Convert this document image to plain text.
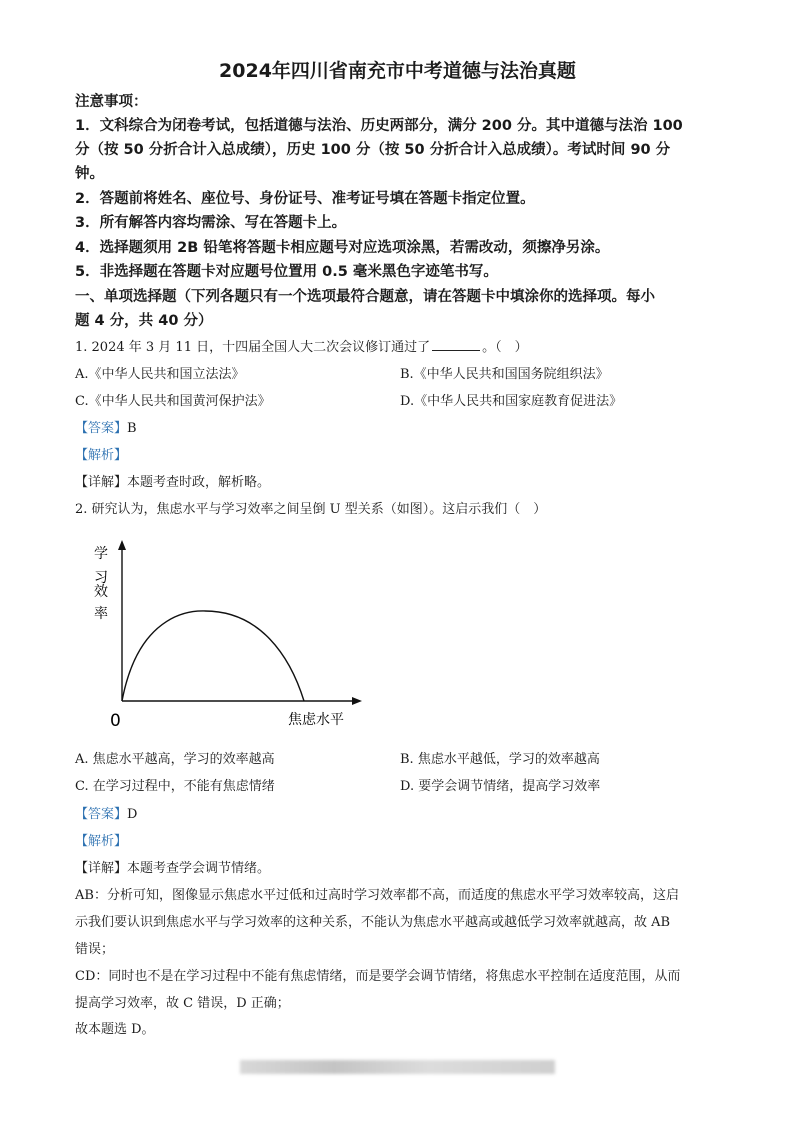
2024年四川省南充市中考道德与法治真题
注意事项：
1．文科综合为闭卷考试，包括道德与法治、历史两部分，满分 200 分。其中道德与法治 100
分（按 50 分折合计入总成绩），历史 100 分（按 50 分折合计入总成绩）。考试时间 90 分
钟。
2．答题前将姓名、座位号、身份证号、准考证号填在答题卡指定位置。
3．所有解答内容均需涂、写在答题卡上。
4．选择题须用 2B 铅笔将答题卡相应题号对应选项涂黑，若需改动，须擦净另涂。
5．非选择题在答题卡对应题号位置用 0.5 毫米黑色字迹笔书写。
一、单项选择题（下列各题只有一个选项最符合题意，请在答题卡中填涂你的选择项。每小
题 4 分，共 40 分）
1. 2024 年 3 月 11 日，十四届全国人大二次会议修订通过了	。（　）
A.《中华人民共和国立法法》	B.《中华人民共和国国务院组织法》
C.《中华人民共和国黄河保护法》	D.《中华人民共和国家庭教育促进法》
【答案】B
【解析】
【详解】本题考查时政，解析略。
2. 研究认为，焦虑水平与学习效率之间呈倒 U 型关系（如图）。这启示我们（　）
学
习
效
率
0	焦虑水平
A. 焦虑水平越高，学习的效率越高	B. 焦虑水平越低，学习的效率越高
C. 在学习过程中，不能有焦虑情绪	D. 要学会调节情绪，提高学习效率
【答案】D
【解析】
【详解】本题考查学会调节情绪。
AB：分析可知，图像显示焦虑水平过低和过高时学习效率都不高，而适度的焦虑水平学习效率较高，这启
示我们要认识到焦虑水平与学习效率的这种关系，不能认为焦虑水平越高或越低学习效率就越高，故 AB
错误；
CD：同时也不是在学习过程中不能有焦虑情绪，而是要学会调节情绪，将焦虑水平控制在适度范围，从而
提高学习效率，故 C 错误，D 正确；
故本题选 D。
